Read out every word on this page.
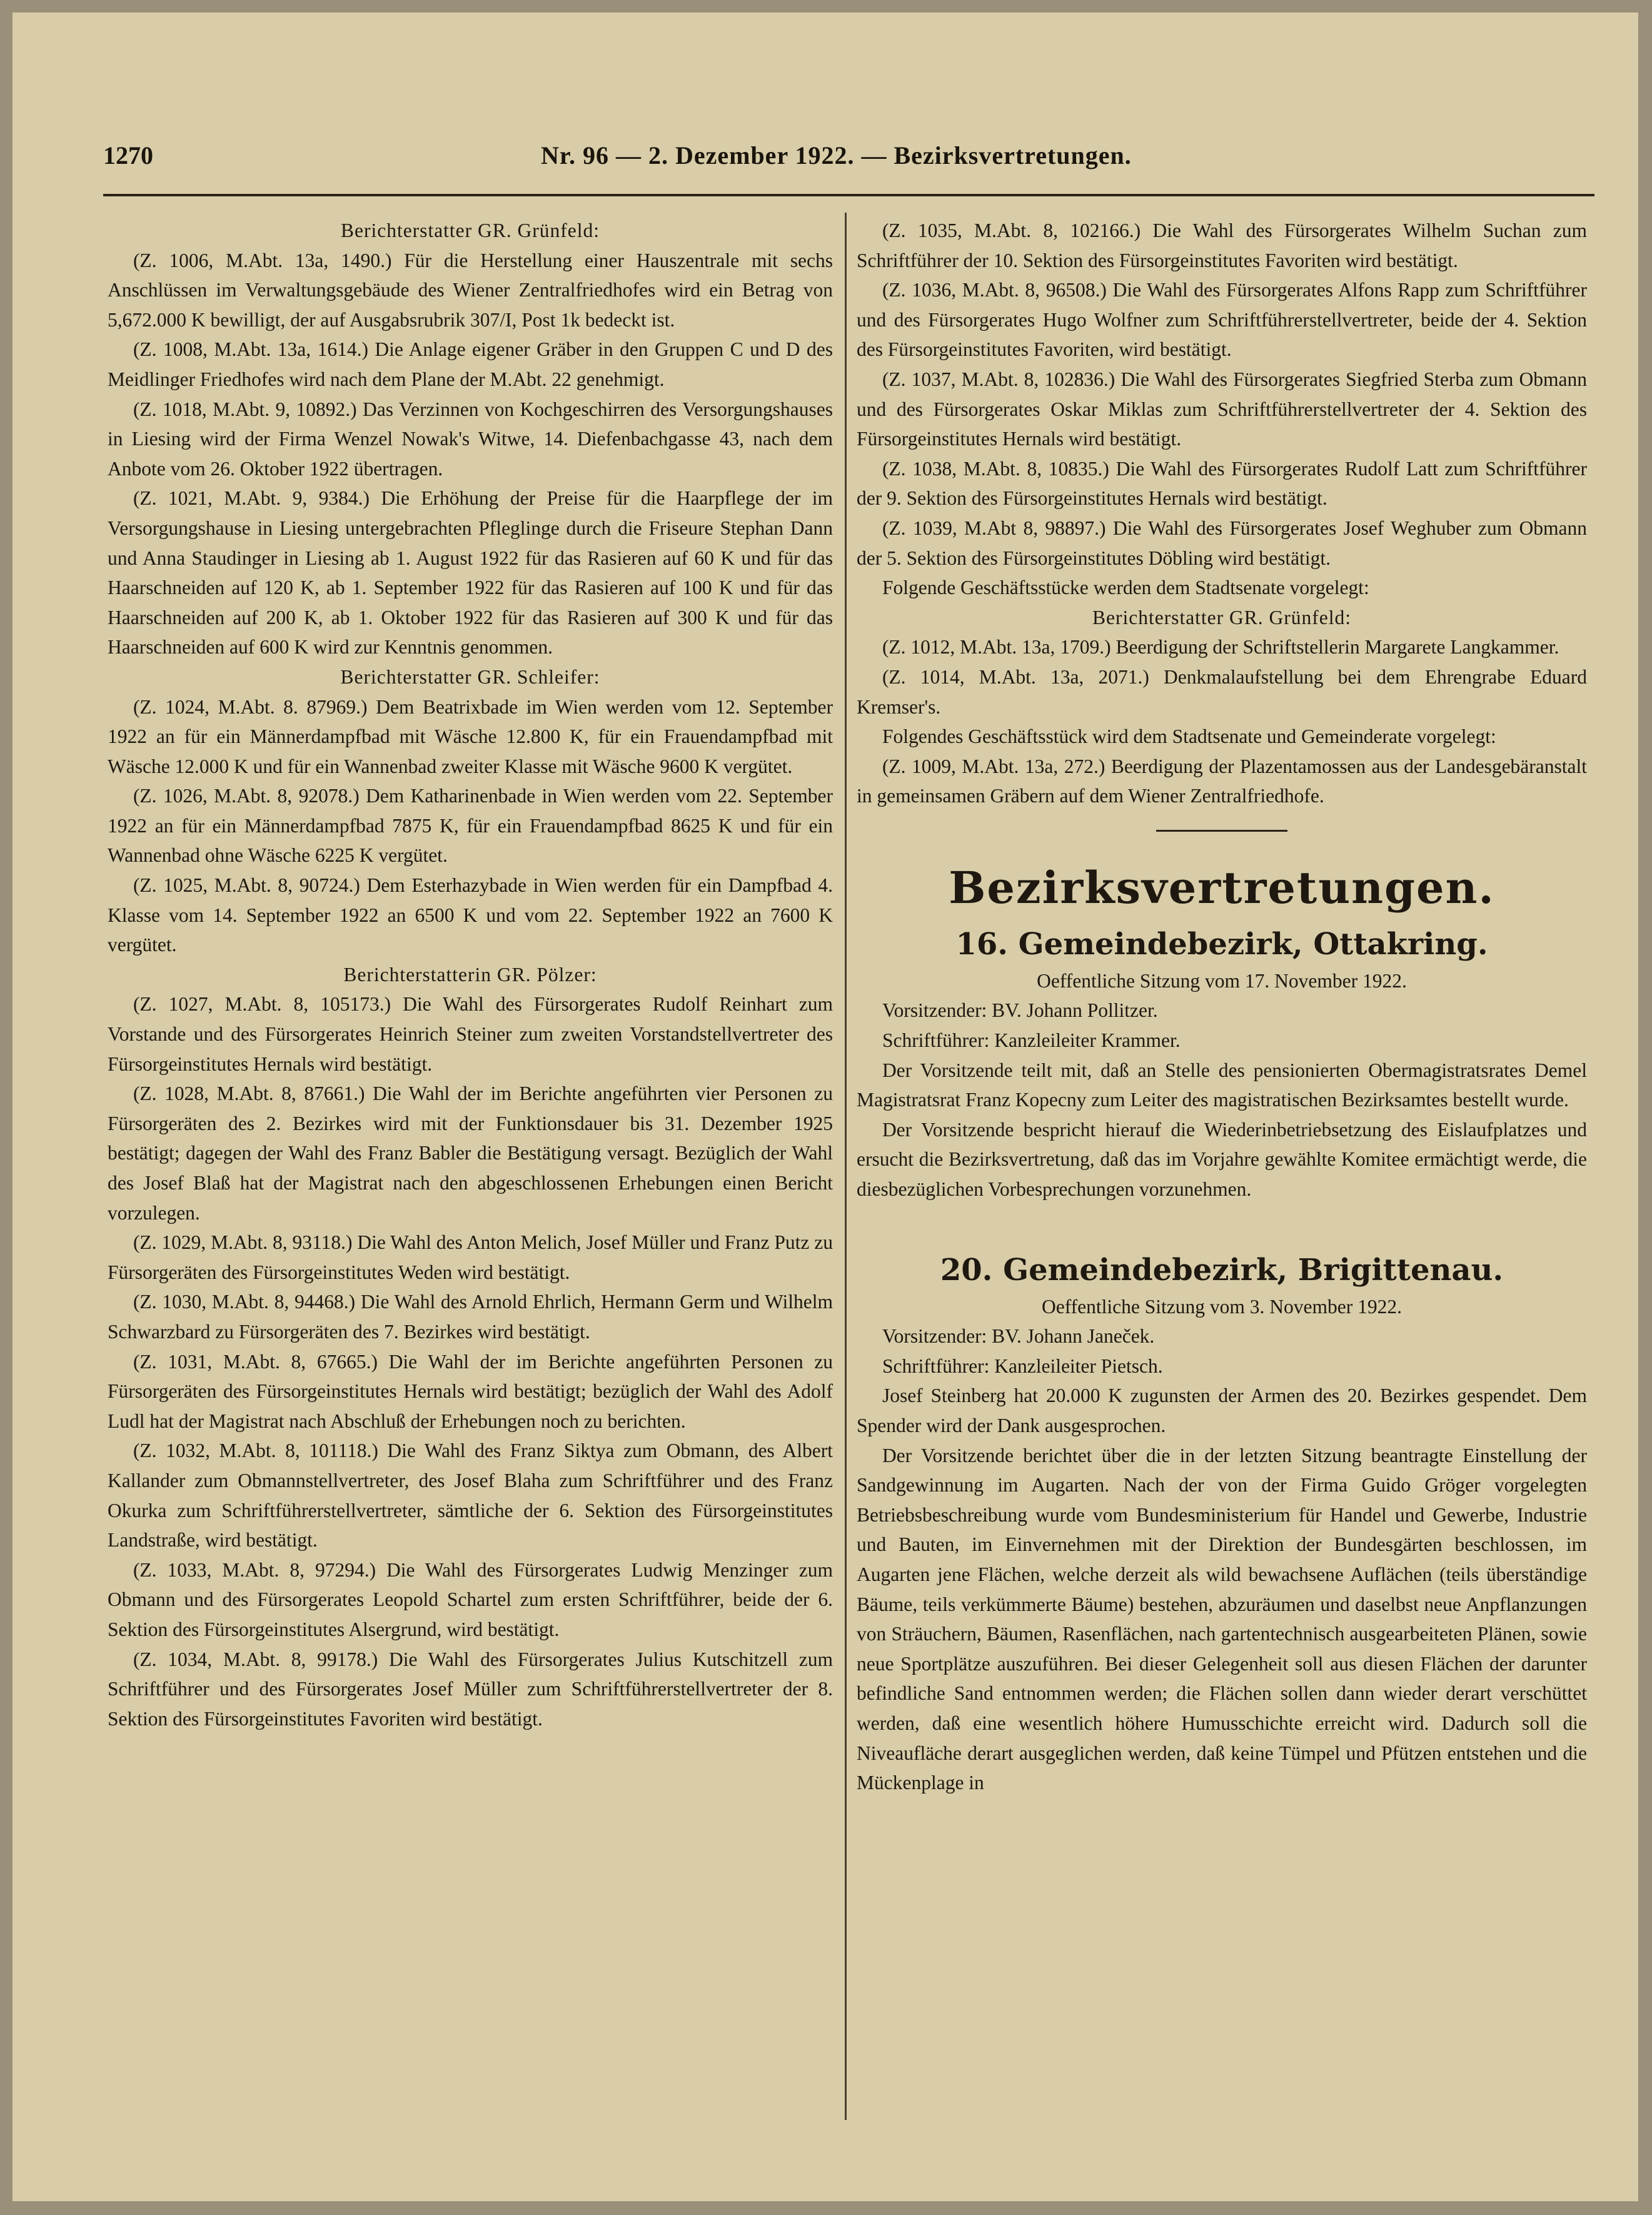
1270	Nr. 96 — 2. Dezember 1922. — Bezirksvertretungen.

Berichterstatter GR. Grünfeld:

(Z. 1006, M.Abt. 13a, 1490.) Für die Herstellung einer Hauszentrale mit sechs Anschlüssen im Verwaltungsgebäude des Wiener Zentralfriedhofes wird ein Betrag von 5,672.000 K bewilligt, der auf Ausgabsrubrik 307/I, Post 1k bedeckt ist.

(Z. 1008, M.Abt. 13a, 1614.) Die Anlage eigener Gräber in den Gruppen C und D des Meidlinger Friedhofes wird nach dem Plane der M.Abt. 22 genehmigt.

(Z. 1018, M.Abt. 9, 10892.) Das Verzinnen von Kochgeschirren des Versorgungshauses in Liesing wird der Firma Wenzel Nowak's Witwe, 14. Diefenbachgasse 43, nach dem Anbote vom 26. Oktober 1922 übertragen.

(Z. 1021, M.Abt. 9, 9384.) Die Erhöhung der Preise für die Haarpflege der im Versorgungshause in Liesing untergebrachten Pfleglinge durch die Friseure Stephan Dann und Anna Staudinger in Liesing ab 1. August 1922 für das Rasieren auf 60 K und für das Haarschneiden auf 120 K, ab 1. September 1922 für das Rasieren auf 100 K und für das Haarschneiden auf 200 K, ab 1. Oktober 1922 für das Rasieren auf 300 K und für das Haarschneiden auf 600 K wird zur Kenntnis genommen.

Berichterstatter GR. Schleifer:

(Z. 1024, M.Abt. 8. 87969.) Dem Beatrixbade im Wien werden vom 12. September 1922 an für ein Männerdampfbad mit Wäsche 12.800 K, für ein Frauendampfbad mit Wäsche 12.000 K und für ein Wannenbad zweiter Klasse mit Wäsche 9600 K vergütet.

(Z. 1026, M.Abt. 8, 92078.) Dem Katharinenbade in Wien werden vom 22. September 1922 an für ein Männerdampfbad 7875 K, für ein Frauendampfbad 8625 K und für ein Wannenbad ohne Wäsche 6225 K vergütet.

(Z. 1025, M.Abt. 8, 90724.) Dem Esterhazybade in Wien werden für ein Dampfbad 4. Klasse vom 14. September 1922 an 6500 K und vom 22. September 1922 an 7600 K vergütet.

Berichterstatterin GR. Pölzer:

(Z. 1027, M.Abt. 8, 105173.) Die Wahl des Fürsorgerates Rudolf Reinhart zum Vorstande und des Fürsorgerates Heinrich Steiner zum zweiten Vorstandstellvertreter des Fürsorgeinstitutes Hernals wird bestätigt.

(Z. 1028, M.Abt. 8, 87661.) Die Wahl der im Berichte angeführten vier Personen zu Fürsorgeräten des 2. Bezirkes wird mit der Funktionsdauer bis 31. Dezember 1925 bestätigt; dagegen der Wahl des Franz Babler die Bestätigung versagt. Bezüglich der Wahl des Josef Blaß hat der Magistrat nach den abgeschlossenen Erhebungen einen Bericht vorzulegen.

(Z. 1029, M.Abt. 8, 93118.) Die Wahl des Anton Melich, Josef Müller und Franz Putz zu Fürsorgeräten des Fürsorgeinstitutes Weden wird bestätigt.

(Z. 1030, M.Abt. 8, 94468.) Die Wahl des Arnold Ehrlich, Hermann Germ und Wilhelm Schwarzbard zu Fürsorgeräten des 7. Bezirkes wird bestätigt.

(Z. 1031, M.Abt. 8, 67665.) Die Wahl der im Berichte angeführten Personen zu Fürsorgeräten des Fürsorgeinstitutes Hernals wird bestätigt; bezüglich der Wahl des Adolf Ludl hat der Magistrat nach Abschluß der Erhebungen noch zu berichten.

(Z. 1032, M.Abt. 8, 101118.) Die Wahl des Franz Siktya zum Obmann, des Albert Kallander zum Obmannstellvertreter, des Josef Blaha zum Schriftführer und des Franz Okurka zum Schriftführerstellvertreter, sämtliche der 6. Sektion des Fürsorgeinstitutes Landstraße, wird bestätigt.

(Z. 1033, M.Abt. 8, 97294.) Die Wahl des Fürsorgerates Ludwig Menzinger zum Obmann und des Fürsorgerates Leopold Schartel zum ersten Schriftführer, beide der 6. Sektion des Fürsorgeinstitutes Alsergrund, wird bestätigt.

(Z. 1034, M.Abt. 8, 99178.) Die Wahl des Fürsorgerates Julius Kutschitzell zum Schriftführer und des Fürsorgerates Josef Müller zum Schriftführerstellvertreter der 8. Sektion des Fürsorgeinstitutes Favoriten wird bestätigt.

(Z. 1035, M.Abt. 8, 102166.) Die Wahl des Fürsorgerates Wilhelm Suchan zum Schriftführer der 10. Sektion des Fürsorgeinstitutes Favoriten wird bestätigt.

(Z. 1036, M.Abt. 8, 96508.) Die Wahl des Fürsorgerates Alfons Rapp zum Schriftführer und des Fürsorgerates Hugo Wolfner zum Schriftführerstellvertreter, beide der 4. Sektion des Fürsorgeinstitutes Favoriten, wird bestätigt.

(Z. 1037, M.Abt. 8, 102836.) Die Wahl des Fürsorgerates Siegfried Sterba zum Obmann und des Fürsorgerates Oskar Miklas zum Schriftführerstellvertreter der 4. Sektion des Fürsorgeinstitutes Hernals wird bestätigt.

(Z. 1038, M.Abt. 8, 10835.) Die Wahl des Fürsorgerates Rudolf Latt zum Schriftführer der 9. Sektion des Fürsorgeinstitutes Hernals wird bestätigt.

(Z. 1039, M.Abt 8, 98897.) Die Wahl des Fürsorgerates Josef Weghuber zum Obmann der 5. Sektion des Fürsorgeinstitutes Döbling wird bestätigt.

Folgende Geschäftsstücke werden dem Stadtsenate vorgelegt:

Berichterstatter GR. Grünfeld:

(Z. 1012, M.Abt. 13a, 1709.) Beerdigung der Schriftstellerin Margarete Langkammer.

(Z. 1014, M.Abt. 13a, 2071.) Denkmalaufstellung bei dem Ehrengrabe Eduard Kremser's.

Folgendes Geschäftsstück wird dem Stadtsenate und Gemeinderate vorgelegt:

(Z. 1009, M.Abt. 13a, 272.) Beerdigung der Plazentamossen aus der Landesgebäranstalt in gemeinsamen Gräbern auf dem Wiener Zentralfriedhofe.

Bezirksvertretungen.
16. Gemeindebezirk, Ottakring.

Oeffentliche Sitzung vom 17. November 1922.

Vorsitzender: BV. Johann Pollitzer.

Schriftführer: Kanzleileiter Krammer.

Der Vorsitzende teilt mit, daß an Stelle des pensionierten Obermagistratsrates Demel Magistratsrat Franz Kopecny zum Leiter des magistratischen Bezirksamtes bestellt wurde.

Der Vorsitzende bespricht hierauf die Wiederinbetriebsetzung des Eislaufplatzes und ersucht die Bezirksvertretung, daß das im Vorjahre gewählte Komitee ermächtigt werde, die diesbezüglichen Vorbesprechungen vorzunehmen.

20. Gemeindebezirk, Brigittenau.

Oeffentliche Sitzung vom 3. November 1922.

Vorsitzender: BV. Johann Janeček.

Schriftführer: Kanzleileiter Pietsch.

Josef Steinberg hat 20.000 K zugunsten der Armen des 20. Bezirkes gespendet. Dem Spender wird der Dank ausgesprochen.

Der Vorsitzende berichtet über die in der letzten Sitzung beantragte Einstellung der Sandgewinnung im Augarten. Nach der von der Firma Guido Gröger vorgelegten Betriebsbeschreibung wurde vom Bundesministerium für Handel und Gewerbe, Industrie und Bauten, im Einvernehmen mit der Direktion der Bundesgärten beschlossen, im Augarten jene Flächen, welche derzeit als wild bewachsene Auflächen (teils überständige Bäume, teils verkümmerte Bäume) bestehen, abzuräumen und daselbst neue Anpflanzungen von Sträuchern, Bäumen, Rasenflächen, nach gartentechnisch ausgearbeiteten Plänen, sowie neue Sportplätze auszuführen. Bei dieser Gelegenheit soll aus diesen Flächen der darunter befindliche Sand entnommen werden; die Flächen sollen dann wieder derart verschüttet werden, daß eine wesentlich höhere Humusschichte erreicht wird. Dadurch soll die Niveaufläche derart ausgeglichen werden, daß keine Tümpel und Pfützen entstehen und die Mückenplage in
